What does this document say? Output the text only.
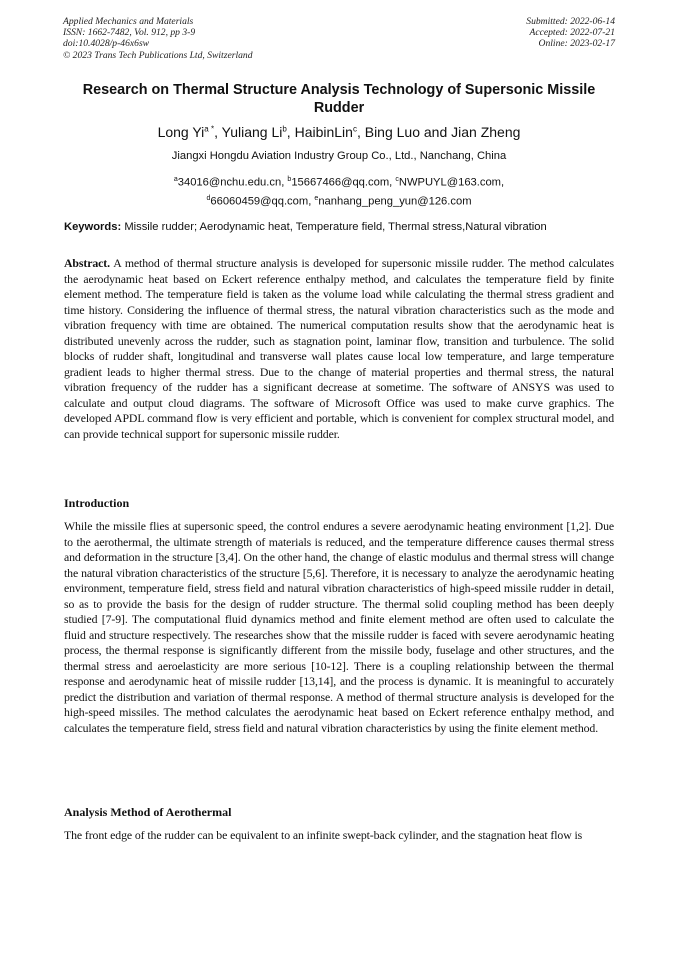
Applied Mechanics and Materials
ISSN: 1662-7482, Vol. 912, pp 3-9
doi:10.4028/p-46x6sw
© 2023 Trans Tech Publications Ltd, Switzerland
Submitted: 2022-06-14
Accepted: 2022-07-21
Online: 2023-02-17
Research on Thermal Structure Analysis Technology of Supersonic Missile Rudder
Long $Yi^{a *}$, Yuliang Li$^b$, HaibinLin$^c$, Bing Luo and Jian Zheng
Jiangxi Hongdu Aviation Industry Group Co., Ltd., Nanchang, China
$^a$34016@nchu.edu.cn, $^b$15667466@qq.com, $^c$NWPUYL@163.com,
$^d$66060459@qq.com, $^e$nanhang_peng_yun@126.com
Keywords: Missile rudder; Aerodynamic heat, Temperature field, Thermal stress,Natural vibration
Abstract. A method of thermal structure analysis is developed for supersonic missile rudder. The method calculates the aerodynamic heat based on Eckert reference enthalpy method, and calculates the temperature field by finite element method. The temperature field is taken as the volume load while calculating the thermal stress gradient and time history. Considering the influence of thermal stress, the natural vibration characteristics such as the mode and vibration frequency with time are obtained. The numerical computation results show that the aerodynamic heat is distributed unevenly across the rudder, such as stagnation point, laminar flow, transition and turbulence. The solid blocks of rudder shaft, longitudinal and transverse wall plates cause local low temperature, and large temperature gradient leads to higher thermal stress. Due to the change of material properties and thermal stress, the natural vibration frequency of the rudder has a significant decrease at sometime. The software of ANSYS was used to calculate and output cloud diagrams. The software of Microsoft Office was used to make curve graphics. The developed APDL command flow is very efficient and portable, which is convenient for complex structural model, and can provide technical support for supersonic missile rudder.
Introduction
While the missile flies at supersonic speed, the control endures a severe aerodynamic heating environment [1,2]. Due to the aerothermal, the ultimate strength of materials is reduced, and the temperature difference causes thermal stress and deformation in the structure [3,4]. On the other hand, the change of elastic modulus and thermal stress will change the natural vibration characteristics of the structure [5,6]. Therefore, it is necessary to analyze the aerodynamic heating environment, temperature field, stress field and natural vibration characteristics of high-speed missile rudder in detail, so as to provide the basis for the design of rudder structure. The thermal solid coupling method has been deeply studied [7-9]. The computational fluid dynamics method and finite element method are often used to calculate the fluid and structure respectively. The researches show that the missile rudder is faced with severe aerodynamic heating process, the thermal response is significantly different from the missile body, fuselage and other structures, and the thermal stress and aeroelasticity are more serious [10-12]. There is a coupling relationship between the thermal response and aerodynamic heat of missile rudder [13,14], and the process is dynamic. It is meaningful to accurately predict the distribution and variation of thermal response. A method of thermal structure analysis is developed for the high-speed missiles. The method calculates the aerodynamic heat based on Eckert reference enthalpy method, and calculates the temperature field, stress field and natural vibration characteristics by using the finite element method.
Analysis Method of Aerothermal
The front edge of the rudder can be equivalent to an infinite swept-back cylinder, and the stagnation heat flow is
